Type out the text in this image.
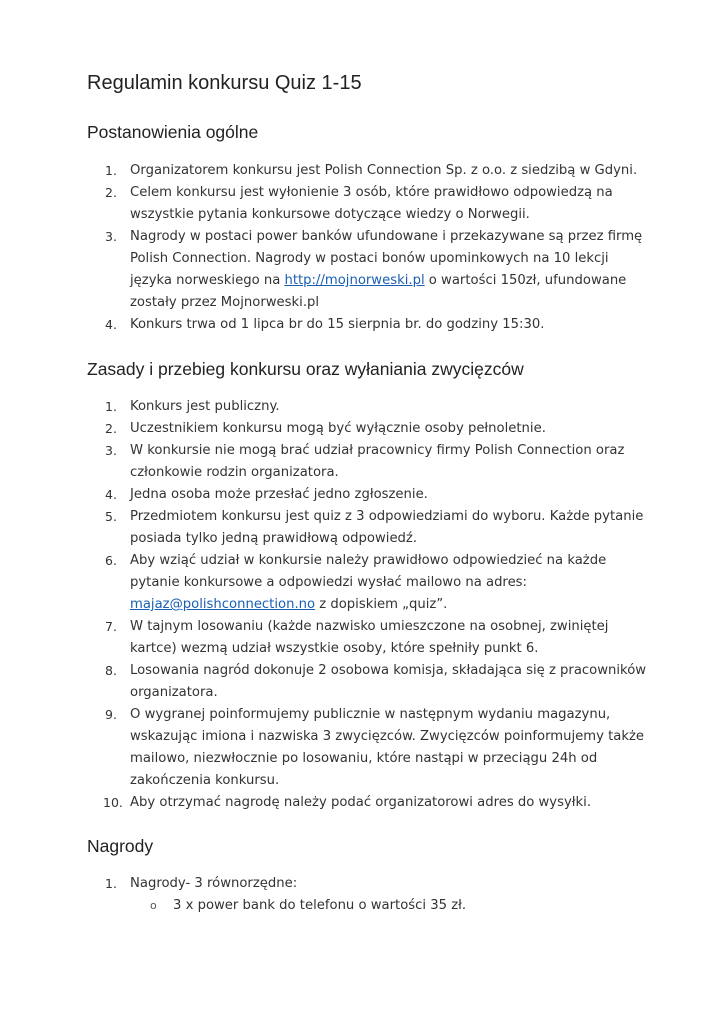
Regulamin konkursu Quiz 1-15
Postanowienia ogólne
1. Organizatorem konkursu jest Polish Connection Sp. z o.o. z siedzibą w Gdyni.
2. Celem konkursu jest wyłonienie 3 osób, które prawidłowo odpowiedzą na wszystkie pytania konkursowe dotyczące wiedzy o Norwegii.
3. Nagrody w postaci power banków ufundowane i przekazywane są przez firmę Polish Connection. Nagrody w postaci bonów upominkowych na 10 lekcji języka norweskiego na http://mojnorweski.pl o wartości 150zł, ufundowane zostały przez Mojnorweski.pl
4. Konkurs trwa od 1 lipca br do 15 sierpnia br. do godziny 15:30.
Zasady i przebieg konkursu oraz wyłaniania zwycięzców
1. Konkurs jest publiczny.
2. Uczestnikiem konkursu mogą być wyłącznie osoby pełnoletnie.
3. W konkursie nie mogą brać udział pracownicy firmy Polish Connection oraz członkowie rodzin organizatora.
4. Jedna osoba może przesłać jedno zgłoszenie.
5. Przedmiotem konkursu jest quiz z 3 odpowiedziami do wyboru. Każde pytanie posiada tylko jedną prawidłową odpowiedź.
6. Aby wziąć udział w konkursie należy prawidłowo odpowiedzieć na każde pytanie konkursowe a odpowiedzi wysłać mailowo na adres: majaz@polishconnection.no z dopiskiem „quiz”.
7. W tajnym losowaniu (każde nazwisko umieszczone na osobnej, zwiniętej kartce) wezmą udział wszystkie osoby, które spełniły punkt 6.
8. Losowania nagród dokonuje 2 osobowa komisja, składająca się z pracowników organizatora.
9. O wygranej poinformujemy publicznie w następnym wydaniu magazynu, wskazując imiona i nazwiska 3 zwycięzców. Zwycięzców poinformujemy także mailowo, niezwłocznie po losowaniu, które nastąpi w przeciągu 24h od zakończenia konkursu.
10. Aby otrzymać nagrodę należy podać organizatorowi adres do wysyłki.
Nagrody
1. Nagrody- 3 równorzędne:
o 3 x power bank do telefonu o wartości 35 zł.
